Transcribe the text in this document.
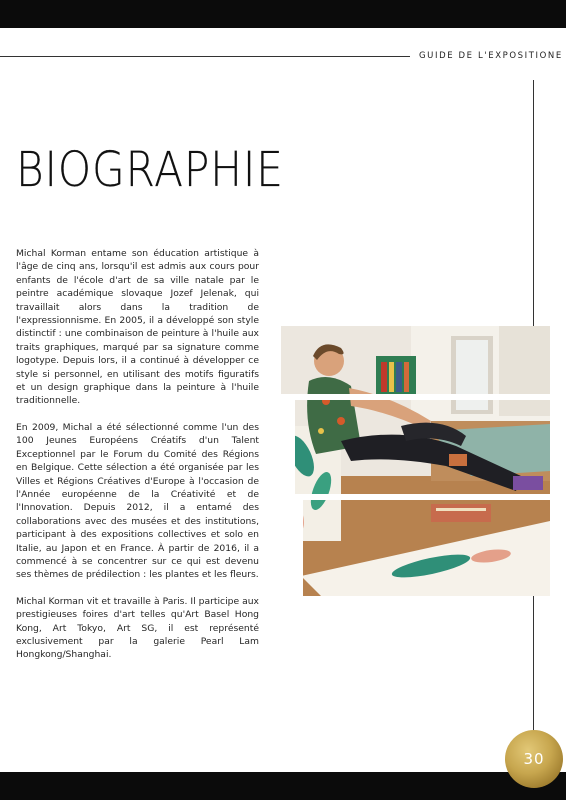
GUIDE DE L'EXPOSITIONE
BIOGRAPHIE

Michal Korman entame son éducation artistique à l'âge de cinq ans, lorsqu'il est admis aux cours pour enfants de l'école d'art de sa ville natale par le peintre académique slovaque Jozef Jelenak, qui travaillait alors dans la tradition de l'expressionnisme. En 2005, il a développé son style distinctif : une combinaison de peinture à l'huile aux traits graphiques, marqué par sa signature comme logotype. Depuis lors, il a continué à développer ce style si personnel, en utilisant des motifs figuratifs et un design graphique dans la peinture à l'huile traditionnelle.

En 2009, Michal a été sélectionné comme l'un des 100 Jeunes Européens Créatifs d'un Talent Exceptionnel par le Forum du Comité des Régions en Belgique. Cette sélection a été organisée par les Villes et Régions Créatives d'Europe à l'occasion de l'Année européenne de la Créativité et de l'Innovation. Depuis 2012, il a entamé des collaborations avec des musées et des institutions, participant à des expositions collectives et solo en Italie, au Japon et en France. À partir de 2016, il a commencé à se concentrer sur ce qui est devenu ses thèmes de prédilection : les plantes et les fleurs.

Michal Korman vit et travaille à Paris. Il participe aux prestigieuses foires d'art telles qu'Art Basel Hong Kong, Art Tokyo, Art SG, il est représenté exclusivement par la galerie Pearl Lam Hongkong/Shanghai.

30
